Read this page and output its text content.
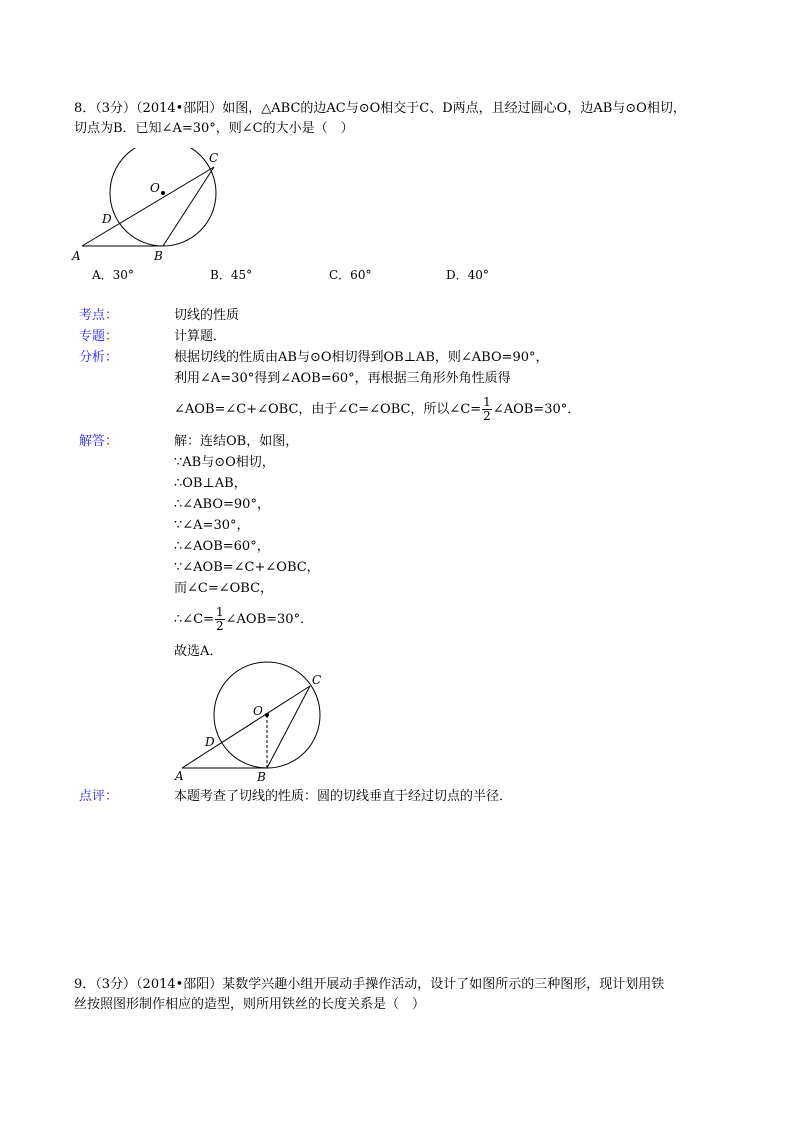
8．（3分）（2014•邵阳）如图，△ABC的边AC与⊙O相交于C、D两点，且经过圆心O，边AB与⊙O相切，
切点为B．已知∠A=30°，则∠C的大小是（　）
O
C
D
A	B
A．30°	B．45°	C．60°	D．40°
考点：	切线的性质
专题：	计算题．
分析：	根据切线的性质由AB与⊙O相切得到OB⊥AB，则∠ABO=90°，
利用∠A=30°得到∠AOB=60°，再根据三角形外角性质得
∠AOB=∠C+∠OBC，由于∠C=∠OBC，所以∠C= $\frac{1}{2}$ ∠AOB=30°．
解答：	解：连结OB，如图，
∵AB与⊙O相切，
∴OB⊥AB，
∴∠ABO=90°，
∵∠A=30°，
∴∠AOB=60°，
∵∠AOB=∠C+∠OBC，
而∠C=∠OBC，
∴∠C= $\frac{1}{2}$ ∠AOB=30°．
故选A．
O
C
D
A	B
点评：	本题考查了切线的性质：圆的切线垂直于经过切点的半径．
9．（3分）（2014•邵阳）某数学兴趣小组开展动手操作活动，设计了如图所示的三种图形，现计划用铁
丝按照图形制作相应的造型，则所用铁丝的长度关系是（　）
